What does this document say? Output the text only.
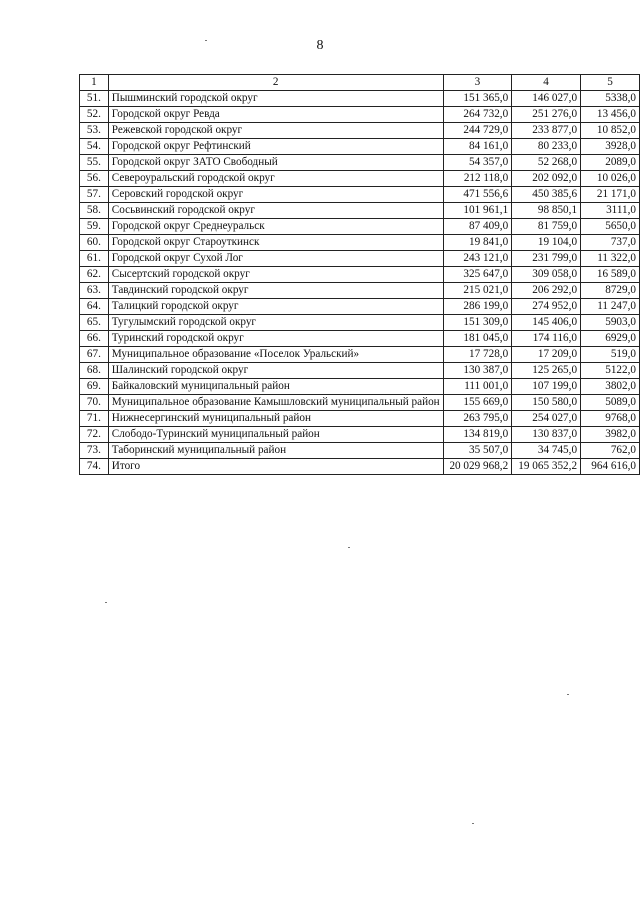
8
1	2	3	4	5
51.	Пышминский городской округ	151 365,0	146 027,0	5338,0
52.	Городской округ Ревда	264 732,0	251 276,0	13 456,0
53.	Режевской городской округ	244 729,0	233 877,0	10 852,0
54.	Городской округ Рефтинский	84 161,0	80 233,0	3928,0
55.	Городской округ ЗАТО Свободный	54 357,0	52 268,0	2089,0
56.	Североуральский городской округ	212 118,0	202 092,0	10 026,0
57.	Серовский городской округ	471 556,6	450 385,6	21 171,0
58.	Сосьвинский городской округ	101 961,1	98 850,1	3111,0
59.	Городской округ Среднеуральск	87 409,0	81 759,0	5650,0
60.	Городской округ Староуткинск	19 841,0	19 104,0	737,0
61.	Городской округ Сухой Лог	243 121,0	231 799,0	11 322,0
62.	Сысертский городской округ	325 647,0	309 058,0	16 589,0
63.	Тавдинский городской округ	215 021,0	206 292,0	8729,0
64.	Талицкий городской округ	286 199,0	274 952,0	11 247,0
65.	Тугулымский городской округ	151 309,0	145 406,0	5903,0
66.	Туринский городской округ	181 045,0	174 116,0	6929,0
67.	Муниципальное образование «Поселок Уральский»	17 728,0	17 209,0	519,0
68.	Шалинский городской округ	130 387,0	125 265,0	5122,0
69.	Байкаловский муниципальный район	111 001,0	107 199,0	3802,0
70.	Муниципальное образование Камышловский муниципальный район	155 669,0	150 580,0	5089,0
71.	Нижнесергинский муниципальный район	263 795,0	254 027,0	9768,0
72.	Слободо-Туринский муниципальный район	134 819,0	130 837,0	3982,0
73.	Таборинский муниципальный район	35 507,0	34 745,0	762,0
74.	Итого	20 029 968,2	19 065 352,2	964 616,0
